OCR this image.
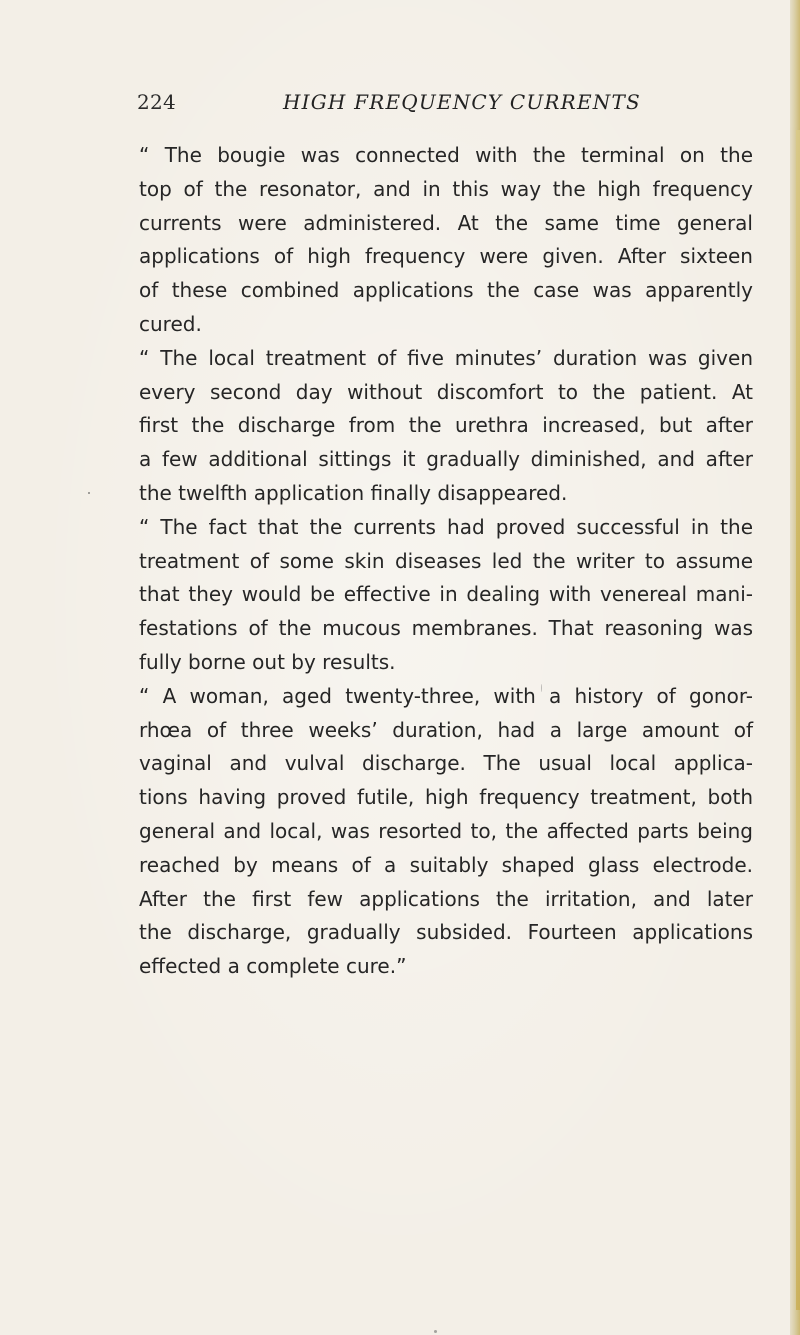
224	HIGH FREQUENCY CURRENTS
“ The bougie was connected with the terminal on the
top of the resonator, and in this way the high frequency
currents were administered. At the same time general
applications of high frequency were given. After sixteen
of these combined applications the case was apparently
cured.
“ The local treatment of five minutes’ duration was given
every second day without discomfort to the patient. At
first the discharge from the urethra increased, but after
a few additional sittings it gradually diminished, and after
the twelfth application finally disappeared.
“ The fact that the currents had proved successful in the
treatment of some skin diseases led the writer to assume
that they would be effective in dealing with venereal mani-
festations of the mucous membranes. That reasoning was
fully borne out by results.
“ A woman, aged twenty-three, with a history of gonor-
rhœa of three weeks’ duration, had a large amount of
vaginal and vulval discharge. The usual local applica-
tions having proved futile, high frequency treatment, both
general and local, was resorted to, the affected parts being
reached by means of a suitably shaped glass electrode.
After the first few applications the irritation, and later
the discharge, gradually subsided. Fourteen applications
effected a complete cure.”
